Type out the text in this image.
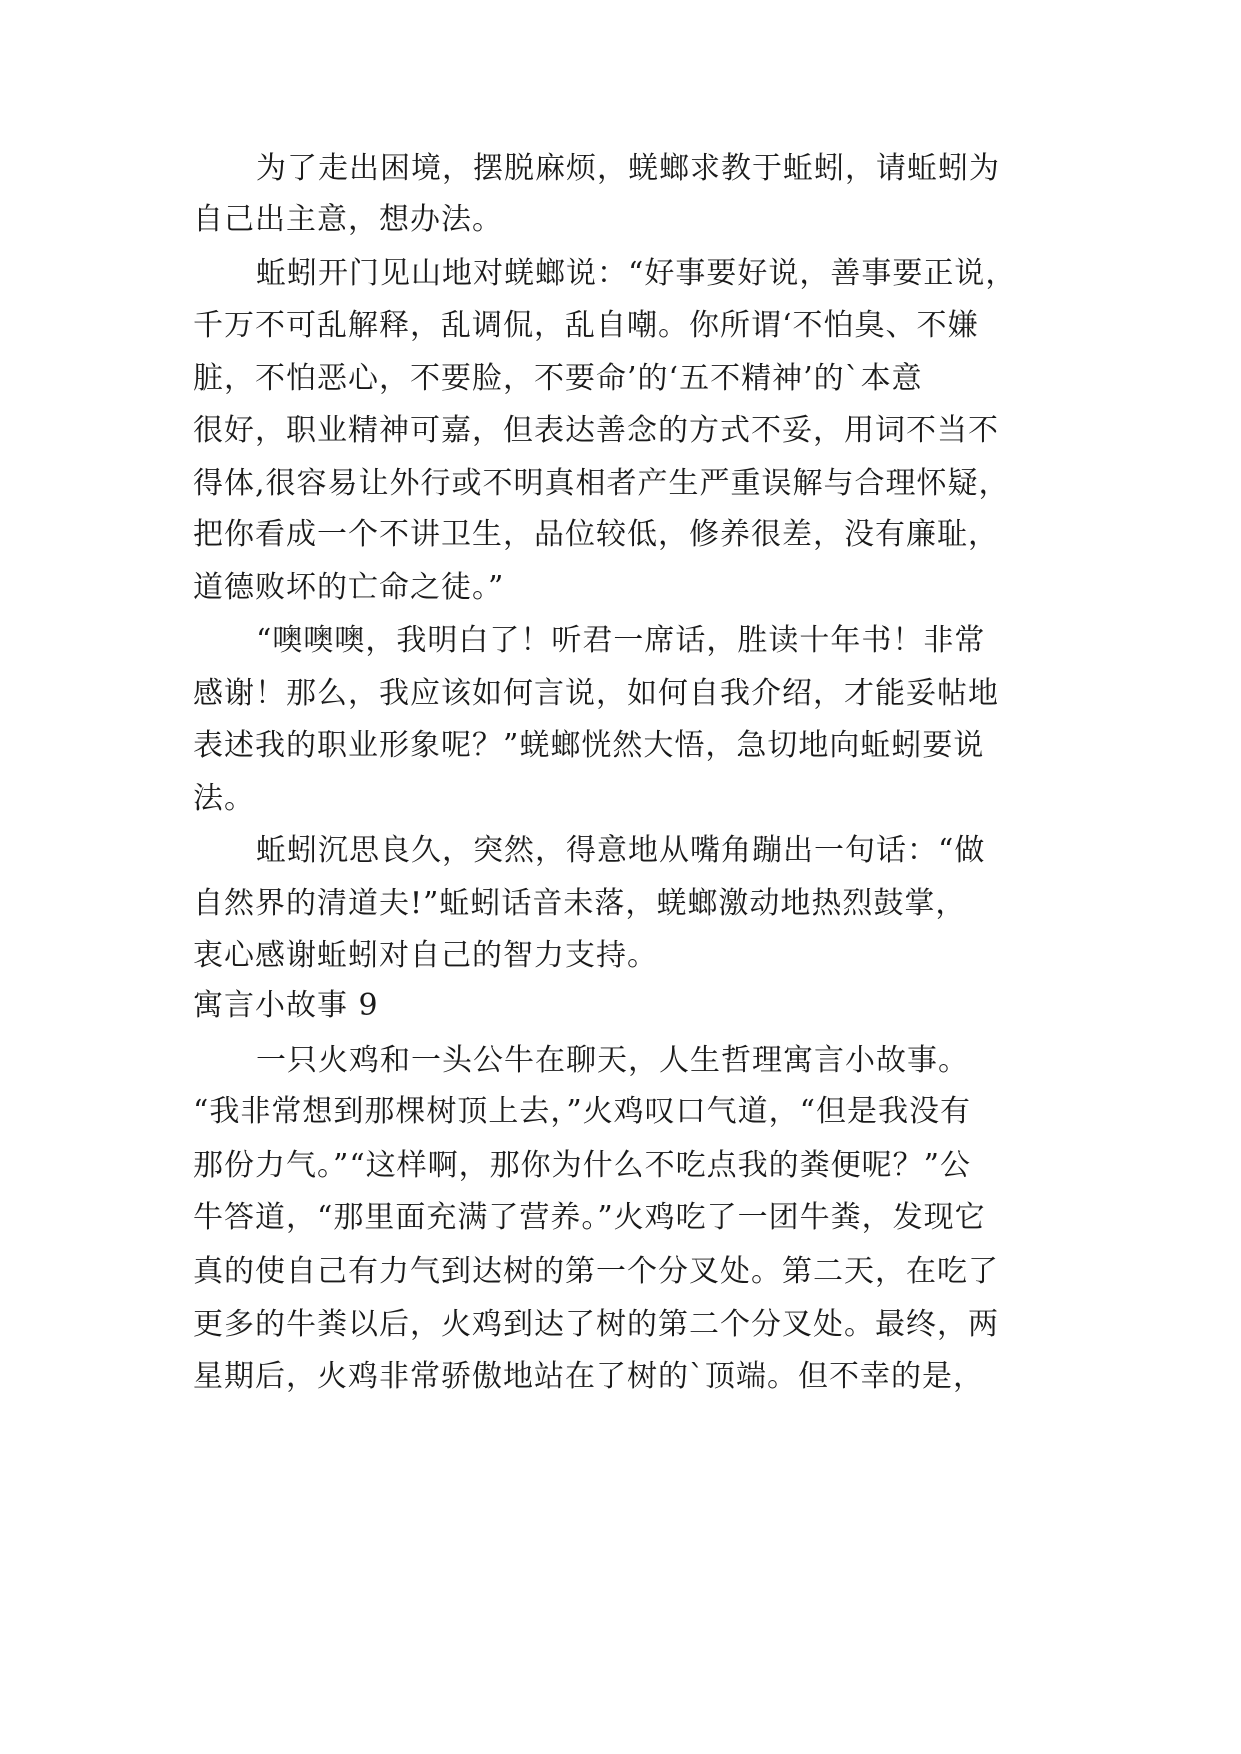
为了走出困境，摆脱麻烦，蜣螂求教于蚯蚓，请蚯蚓为
自己出主意，想办法。
蚯蚓开门见山地对蜣螂说：“好事要好说，善事要正说，
千万不可乱解释，乱调侃，乱自嘲。你所谓‘不怕臭、不嫌
脏，不怕恶心，不要脸，不要命’的‘五不精神’的`本意
很好，职业精神可嘉，但表达善念的方式不妥，用词不当不
得体,很容易让外行或不明真相者产生严重误解与合理怀疑，
把你看成一个不讲卫生，品位较低，修养很差，没有廉耻，
道德败坏的亡命之徒。”
“噢噢噢，我明白了！听君一席话，胜读十年书！非常
感谢！那么，我应该如何言说，如何自我介绍，才能妥帖地
表述我的职业形象呢？”蜣螂恍然大悟，急切地向蚯蚓要说
法。
蚯蚓沉思良久，突然，得意地从嘴角蹦出一句话：“做
自然界的清道夫!”蚯蚓话音未落，蜣螂激动地热烈鼓掌，
衷心感谢蚯蚓对自己的智力支持。
寓言小故事 9
一只火鸡和一头公牛在聊天，人生哲理寓言小故事。
“我非常想到那棵树顶上去，”火鸡叹口气道，“但是我没有
那份力气。”“这样啊，那你为什么不吃点我的粪便呢？”公
牛答道，“那里面充满了营养。”火鸡吃了一团牛粪，发现它
真的使自己有力气到达树的第一个分叉处。第二天，在吃了
更多的牛粪以后，火鸡到达了树的第二个分叉处。最终，两
星期后，火鸡非常骄傲地站在了树的`顶端。但不幸的是，
